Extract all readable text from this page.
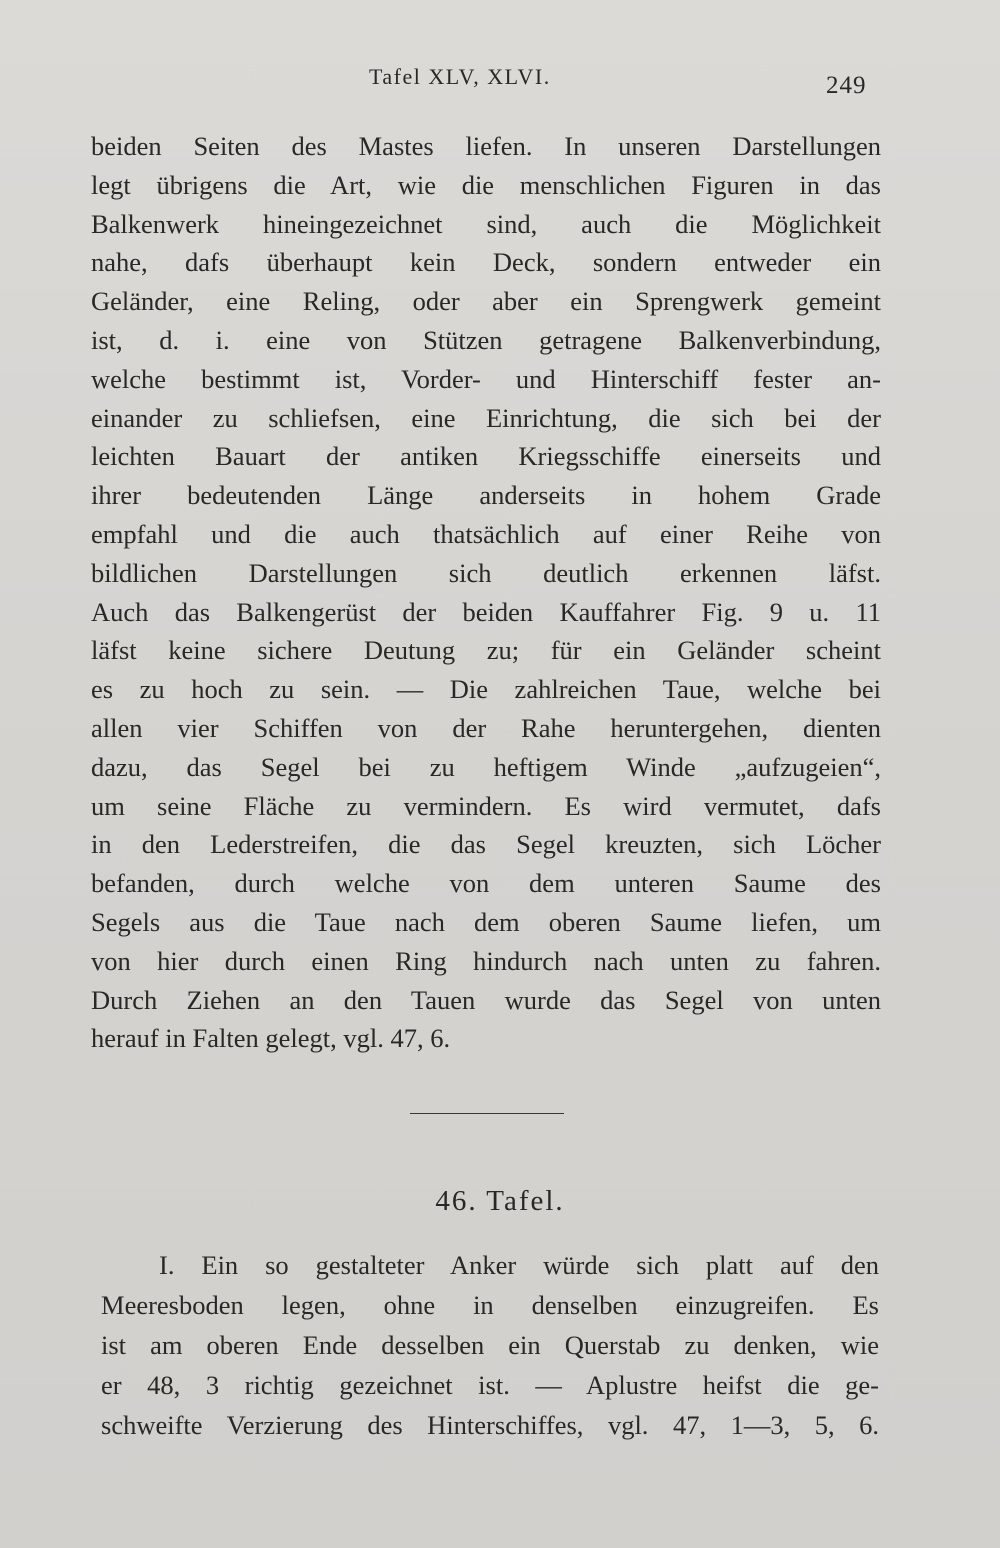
Tafel XLV, XLVI.	249
beiden Seiten des Mastes liefen. In unseren Darstellungen
legt übrigens die Art, wie die menschlichen Figuren in das
Balkenwerk hineingezeichnet sind, auch die Möglichkeit
nahe, dafs überhaupt kein Deck, sondern entweder ein
Geländer, eine Reling, oder aber ein Sprengwerk gemeint
ist, d. i. eine von Stützen getragene Balkenverbindung,
welche bestimmt ist, Vorder- und Hinterschiff fester an-
einander zu schliefsen, eine Einrichtung, die sich bei der
leichten Bauart der antiken Kriegsschiffe einerseits und
ihrer bedeutenden Länge anderseits in hohem Grade
empfahl und die auch thatsächlich auf einer Reihe von
bildlichen Darstellungen sich deutlich erkennen läfst.
Auch das Balkengerüst der beiden Kauffahrer Fig. 9 u. 11
läfst keine sichere Deutung zu; für ein Geländer scheint
es zu hoch zu sein. — Die zahlreichen Taue, welche bei
allen vier Schiffen von der Rahe heruntergehen, dienten
dazu, das Segel bei zu heftigem Winde „aufzugeien“,
um seine Fläche zu vermindern. Es wird vermutet, dafs
in den Lederstreifen, die das Segel kreuzten, sich Löcher
befanden, durch welche von dem unteren Saume des
Segels aus die Taue nach dem oberen Saume liefen, um
von hier durch einen Ring hindurch nach unten zu fahren.
Durch Ziehen an den Tauen wurde das Segel von unten
herauf in Falten gelegt, vgl. 47, 6.
46. Tafel.
I. Ein so gestalteter Anker würde sich platt auf den
Meeresboden legen, ohne in denselben einzugreifen. Es
ist am oberen Ende desselben ein Querstab zu denken, wie
er 48, 3 richtig gezeichnet ist. — Aplustre heifst die ge-
schweifte Verzierung des Hinterschiffes, vgl. 47, 1—3, 5, 6.
